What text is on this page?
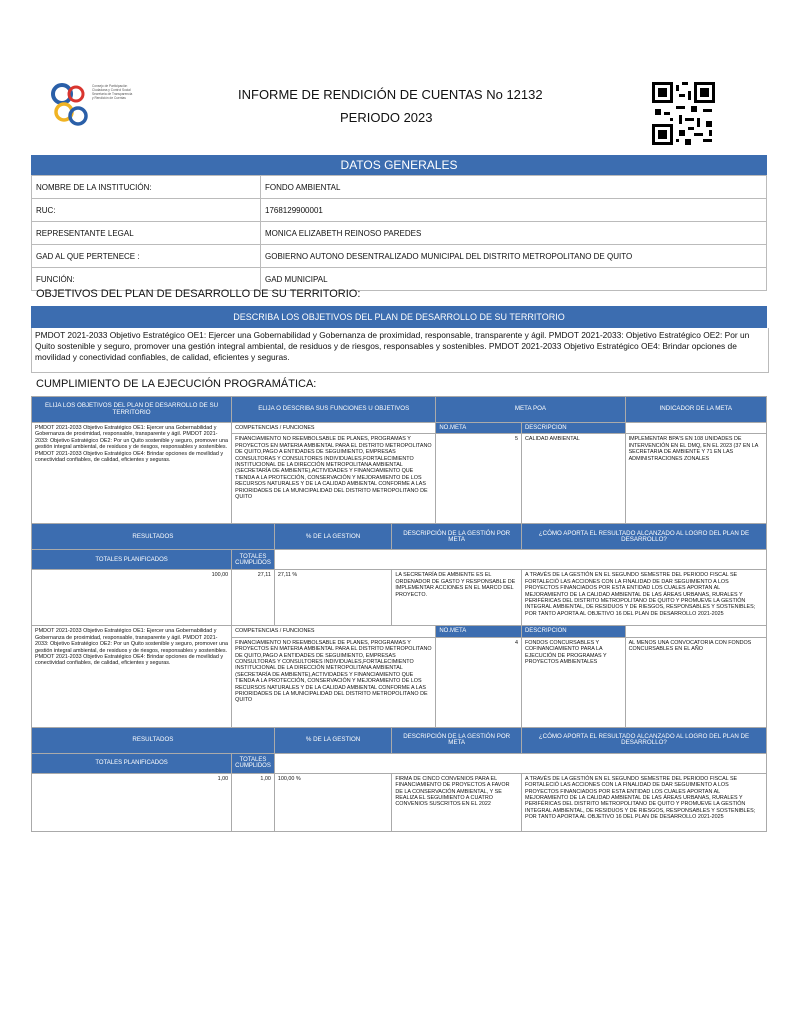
Consejo de Participación
Ciudadana y Control Social
Secretaría de Transparencia
y Rendición de Cuentas	INFORME DE RENDICIÓN DE CUENTAS No 12132
PERIODO 2023
DATOS GENERALES
NOMBRE DE LA INSTITUCIÓN:	FONDO AMBIENTAL
RUC:	1768129900001
REPRESENTANTE LEGAL	MONICA ELIZABETH REINOSO PAREDES
GAD AL QUE PERTENECE :	GOBIERNO AUTONO DESENTRALIZADO MUNICIPAL DEL DISTRITO METROPOLITANO DE QUITO
FUNCIÓN:	GAD MUNICIPAL
OBJETIVOS DEL PLAN DE DESARROLLO DE SU TERRITORIO:
DESCRIBA LOS OBJETIVOS DEL PLAN DE DESARROLLO DE SU TERRITORIO
PMDOT 2021-2033 Objetivo Estratégico OE1: Ejercer una Gobernabilidad y Gobernanza de proximidad, responsable, transparente y ágil. PMDOT 2021-2033: Objetivo Estratégico OE2: Por un Quito sostenible y seguro, promover una gestión integral ambiental, de residuos y de riesgos, responsables y sostenibles. PMDOT 2021-2033 Objetivo Estratégico OE4: Brindar opciones de movilidad y conectividad confiables, de calidad, eficientes y seguras.
CUMPLIMIENTO DE LA EJECUCIÓN PROGRAMÁTICA:
ELIJA LOS OBJETIVOS DEL PLAN DE DESARROLLO DE SU TERRITORIO	ELIJA O DESCRIBA SUS FUNCIONES U OBJETIVOS			META POA		INDICADOR DE LA META
PMDOT 2021-2033 Objetivo Estratégico OE1: Ejercer una Gobernabilidad y Gobernanza de proximidad, responsable, transparente y ágil. PMDOT 2021-2033: Objetivo Estratégico OE2: Por un Quito sostenible y seguro, promover una gestión integral ambiental, de residuos y de riesgos, responsables y sostenibles. PMDOT 2021-2033 Objetivo Estratégico OE4: Brindar opciones de movilidad y conectividad confiables, de calidad, eficientes y seguras.	COMPETENCIAS / FUNCIONES			NO.META	DESCRIPCION	
	FINANCIAMIENTO NO REEMBOLSABLE DE PLANES, PROGRAMAS Y PROYECTOS EN MATERIA AMBIENTAL PARA EL DISTRITO METROPOLITANO DE QUITO,PAGO A ENTIDADES DE SEGUIMIENTO, EMPRESAS CONSULTORAS Y CONSULTORES INDIVIDUALES,FORTALECIMIENTO INSTITUCIONAL DE LA DIRECCIÓN METROPOLITANA AMBIENTAL (SECRETARÍA DE AMBIENTE),ACTIVIDADES Y FINANCIAMIENTO QUE TIENDA A LA PROTECCIÓN, CONSERVACIÓN Y MEJORAMIENTO DE LOS RECURSOS NATURALES Y DE LA CALIDAD AMBIENTAL CONFORME A LAS PRIORIDADES DE LA MUNICIPALIDAD DEL DISTRITO METROPOLITANO DE QUITO			5	CALIDAD AMBIENTAL	IMPLEMENTAR BPA'S EN 108 UNIDADES DE INTERVENCIÓN EN EL DMQ, EN EL 2023 (37 EN LA SECRETARIA DE AMBIENTE Y 71 EN LAS ADMINISTRACIONES ZONALES
RESULTADOS		% DE LA GESTION	DESCRIPCIÓN DE LA GESTIÓN POR META		¿CÓMO APORTA EL RESULTADO ALCANZADO AL LOGRO DEL PLAN DE DESARROLLO?	
TOTALES PLANIFICADOS	TOTALES CUMPLIDOS					
100,00	27,11	27,11 %	LA SECRETARÍA DE AMBIENTE ES EL ORDENADOR DE GASTO Y RESPONSABLE DE IMPLEMENTAR ACCIONES EN EL MARCO DEL PROYECTO.		A TRAVÉS DE LA GESTIÓN EN EL SEGUNDO SEMESTRE DEL PERIODO FISCAL SE FORTALECIÓ LAS ACCIONES CON LA FINALIDAD DE DAR SEGUIMIENTO A LOS PROYECTOS FINANCIADOS POR ESTA ENTIDAD LOS CUALES APORTAN AL MEJORAMIENTO DE LA CALIDAD AMBIENTAL DE LAS ÁREAS URBANAS, RURALES Y PERIFÉRICAS DEL DISTRITO METROPOLITANO DE QUITO Y PROMUEVE LA GESTIÓN INTEGRAL AMBIENTAL, DE RESIDUOS Y DE RIESGOS, RESPONSABLES Y SOSTENIBLES; POR TANTO APORTA AL OBJETIVO 16 DEL PLAN DE DESARROLLO 2021-2025	
PMDOT 2021-2033 Objetivo Estratégico OE1: Ejercer una Gobernabilidad y Gobernanza de proximidad, responsable, transparente y ágil. PMDOT 2021-2033: Objetivo Estratégico OE2: Por un Quito sostenible y seguro, promover una gestión integral ambiental, de residuos y de riesgos, responsables y sostenibles. PMDOT 2021-2033 Objetivo Estratégico OE4: Brindar opciones de movilidad y conectividad confiables, de calidad, eficientes y seguras.	COMPETENCIAS / FUNCIONES			NO.META	DESCRIPCION	
	FINANCIAMIENTO NO REEMBOLSABLE DE PLANES, PROGRAMAS Y PROYECTOS EN MATERIA AMBIENTAL PARA EL DISTRITO METROPOLITANO DE QUITO,PAGO A ENTIDADES DE SEGUIMIENTO, EMPRESAS CONSULTORAS Y CONSULTORES INDIVIDUALES,FORTALECIMIENTO INSTITUCIONAL DE LA DIRECCIÓN METROPOLITANA AMBIENTAL (SECRETARÍA DE AMBIENTE),ACTIVIDADES Y FINANCIAMIENTO QUE TIENDA A LA PROTECCIÓN, CONSERVACIÓN Y MEJORAMIENTO DE LOS RECURSOS NATURALES Y DE LA CALIDAD AMBIENTAL CONFORME A LAS PRIORIDADES DE LA MUNICIPALIDAD DEL DISTRITO METROPOLITANO DE QUITO			4	FONDOS CONCURSABLES Y COFINANCIAMIENTO PARA LA EJECUCIÓN DE PROGRAMAS Y PROYECTOS AMBIENTALES	AL MENOS UNA CONVOCATORIA CON FONDOS CONCURSABLES EN EL AÑO
RESULTADOS		% DE LA GESTION	DESCRIPCIÓN DE LA GESTIÓN POR META		¿CÓMO APORTA EL RESULTADO ALCANZADO AL LOGRO DEL PLAN DE DESARROLLO?	
TOTALES PLANIFICADOS	TOTALES CUMPLIDOS					
1,00	1,00	100,00 %	FIRMA DE CINCO CONVENIOS PARA EL FINANCIAMIENTO DE PROYECTOS A FAVOR DE LA CONSERVACIÓN AMBIENTAL, Y SE REALIZA EL SEGUIMIENTO A CUATRO CONVENIOS SUSCRITOS EN EL 2022		A TRAVÉS DE LA GESTIÓN EN EL SEGUNDO SEMESTRE DEL PERIODO FISCAL SE FORTALECIÓ LAS ACCIONES CON LA FINALIDAD DE DAR SEGUIMIENTO A LOS PROYECTOS FINANCIADOS POR ESTA ENTIDAD LOS CUALES APORTAN AL MEJORAMIENTO DE LA CALIDAD AMBIENTAL DE LAS ÁREAS URBANAS, RURALES Y PERIFÉRICAS DEL DISTRITO METROPOLITANO DE QUITO Y PROMUEVE LA GESTIÓN INTEGRAL AMBIENTAL, DE RESIDUOS Y DE RIESGOS, RESPONSABLES Y SOSTENIBLES; POR TANTO APORTA AL OBJETIVO 16 DEL PLAN DE DESARROLLO 2021-2025	
